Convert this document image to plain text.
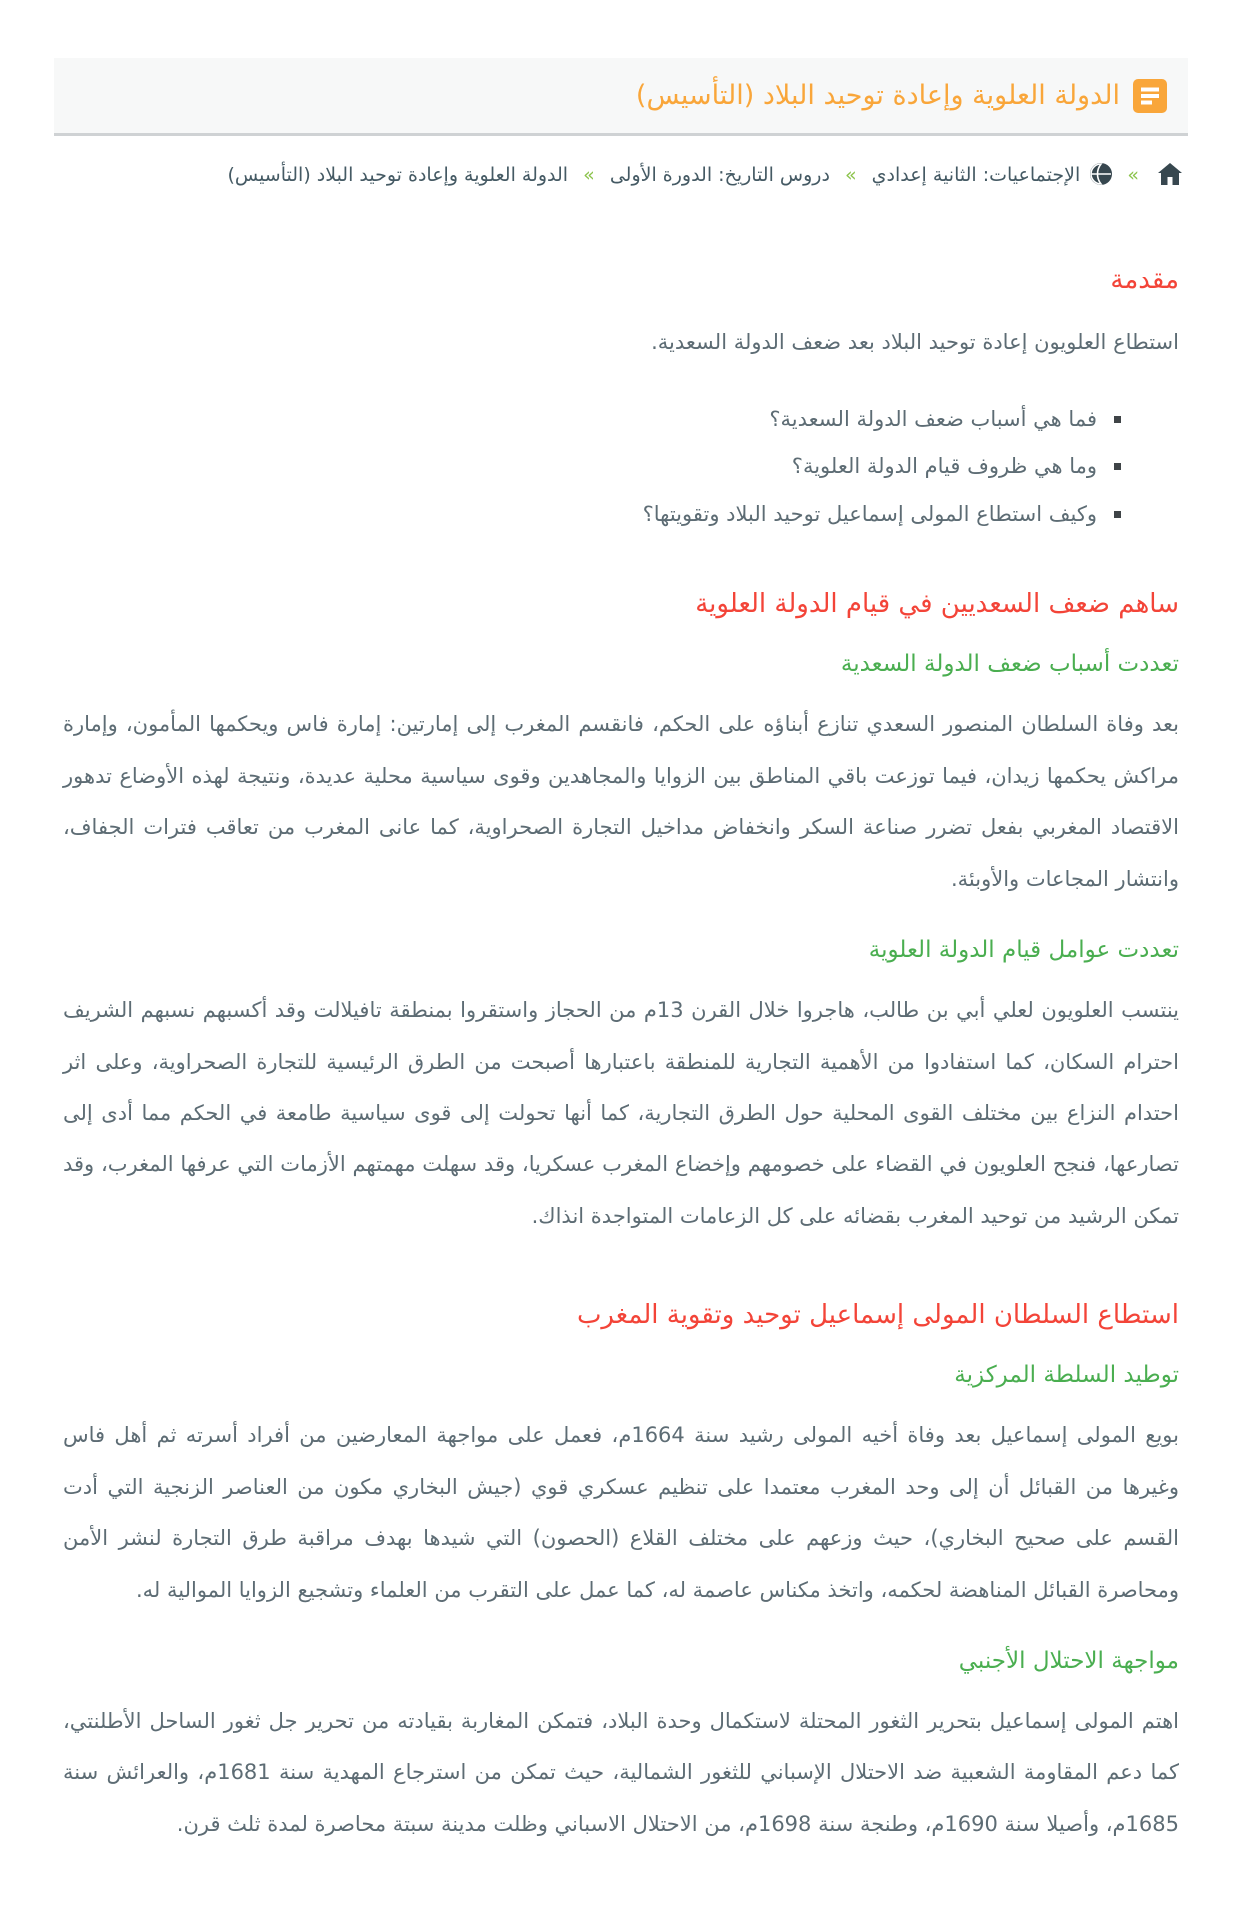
الدولة العلوية وإعادة توحيد البلاد (التأسيس)
»  الإجتماعيات: الثانية إعدادي » دروس التاريخ: الدورة الأولى » الدولة العلوية وإعادة توحيد البلاد (التأسيس)
مقدمة

استطاع العلويون إعادة توحيد البلاد بعد ضعف الدولة السعدية.

فما هي أسباب ضعف الدولة السعدية؟
وما هي ظروف قيام الدولة العلوية؟
وكيف استطاع المولى إسماعيل توحيد البلاد وتقويتها؟
ساهم ضعف السعديين في قيام الدولة العلوية
تعددت أسباب ضعف الدولة السعدية

بعد وفاة السلطان المنصور السعدي تنازع أبناؤه على الحكم، فانقسم المغرب إلى إمارتين: إمارة فاس ويحكمها المأمون، وإمارة مراكش يحكمها زيدان، فيما توزعت باقي المناطق بين الزوايا والمجاهدين وقوى سياسية محلية عديدة، ونتيجة لهذه الأوضاع تدهور الاقتصاد المغربي بفعل تضرر صناعة السكر وانخفاض مداخيل التجارة الصحراوية، كما عانى المغرب من تعاقب فترات الجفاف، وانتشار المجاعات والأوبئة.

تعددت عوامل قيام الدولة العلوية

ينتسب العلويون لعلي أبي بن طالب، هاجروا خلال القرن 13م من الحجاز واستقروا بمنطقة تافيلالت وقد أكسبهم نسبهم الشريف احترام السكان، كما استفادوا من الأهمية التجارية للمنطقة باعتبارها أصبحت من الطرق الرئيسية للتجارة الصحراوية، وعلى اثر احتدام النزاع بين مختلف القوى المحلية حول الطرق التجارية، كما أنها تحولت إلى قوى سياسية طامعة في الحكم مما أدى إلى تصارعها، فنجح العلويون في القضاء على خصومهم وإخضاع المغرب عسكريا، وقد سهلت مهمتهم الأزمات التي عرفها المغرب، وقد تمكن الرشيد من توحيد المغرب بقضائه على كل الزعامات المتواجدة انذاك.

استطاع السلطان المولى إسماعيل توحيد وتقوية المغرب
توطيد السلطة المركزية

بويع المولى إسماعيل بعد وفاة أخيه المولى رشيد سنة 1664م، فعمل على مواجهة المعارضين من أفراد أسرته ثم أهل فاس وغيرها من القبائل أن إلى وحد المغرب معتمدا على تنظيم عسكري قوي (جيش البخاري مكون من العناصر الزنجية التي أدت القسم على صحيح البخاري)، حيث وزعهم على مختلف القلاع (الحصون) التي شيدها بهدف مراقبة طرق التجارة لنشر الأمن ومحاصرة القبائل المناهضة لحكمه، واتخذ مكناس عاصمة له، كما عمل على التقرب من العلماء وتشجيع الزوايا الموالية له.

مواجهة الاحتلال الأجنبي

اهتم المولى إسماعيل بتحرير الثغور المحتلة لاستكمال وحدة البلاد، فتمكن المغاربة بقيادته من تحرير جل ثغور الساحل الأطلنتي، كما دعم المقاومة الشعبية ضد الاحتلال الإسباني للثغور الشمالية، حيث تمكن من استرجاع المهدية سنة 1681م، والعرائش سنة 1685م، وأصيلا سنة 1690م، وطنجة سنة 1698م، من الاحتلال الاسباني وظلت مدينة سبتة محاصرة لمدة ثلث قرن.
